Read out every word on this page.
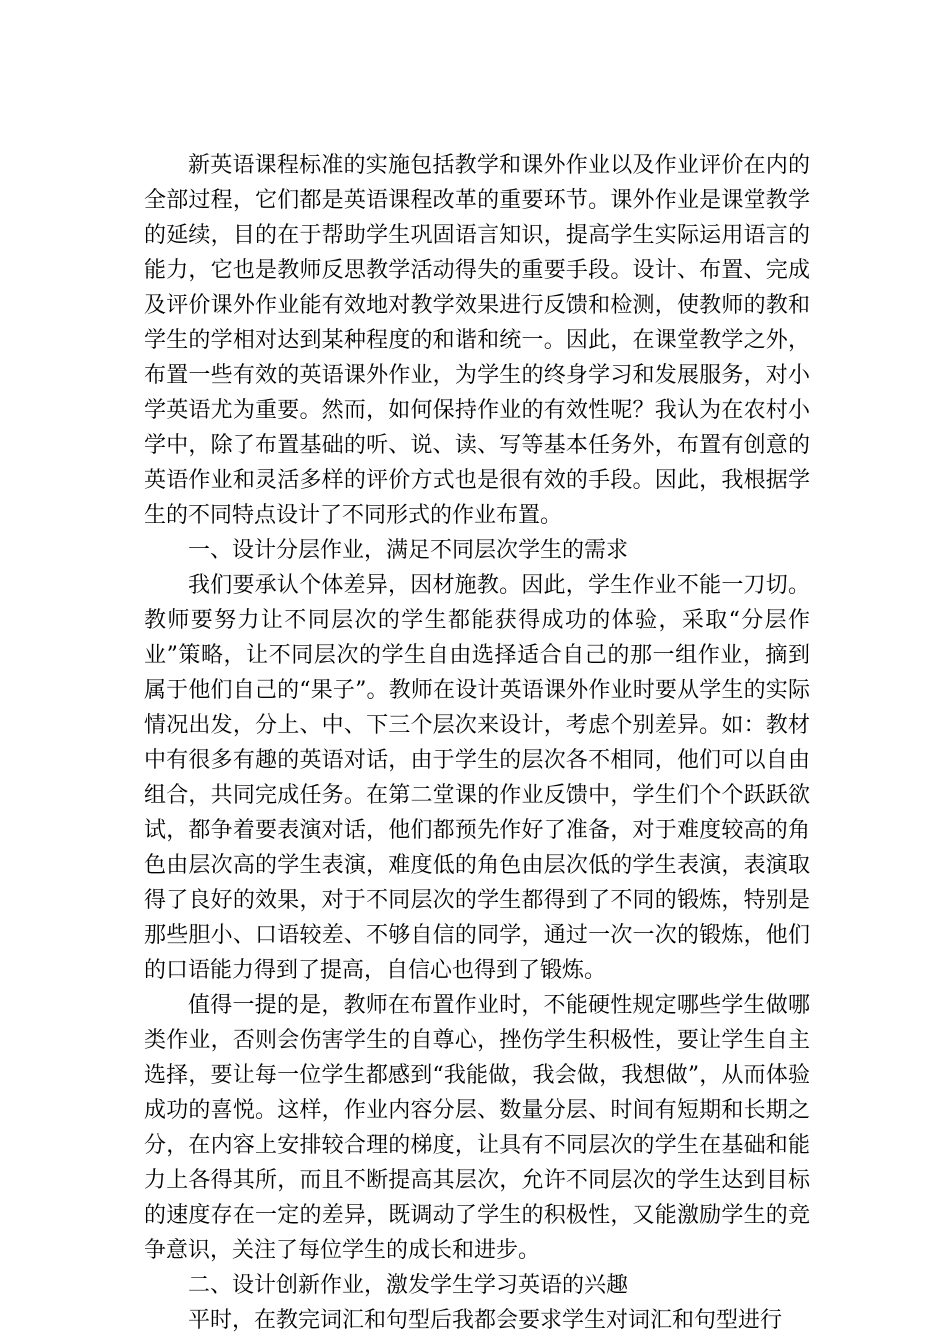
新英语课程标准的实施包括教学和课外作业以及作业评价在内的全部过程，它们都是英语课程改革的重要环节。课外作业是课堂教学的延续，目的在于帮助学生巩固语言知识，提高学生实际运用语言的能力，它也是教师反思教学活动得失的重要手段。设计、布置、完成及评价课外作业能有效地对教学效果进行反馈和检测，使教师的教和学生的学相对达到某种程度的和谐和统一。因此，在课堂教学之外，布置一些有效的英语课外作业，为学生的终身学习和发展服务，对小学英语尤为重要。然而，如何保持作业的有效性呢？我认为在农村小学中，除了布置基础的听、说、读、写等基本任务外，布置有创意的英语作业和灵活多样的评价方式也是很有效的手段。因此，我根据学生的不同特点设计了不同形式的作业布置。

一、设计分层作业，满足不同层次学生的需求

我们要承认个体差异，因材施教。因此，学生作业不能一刀切。教师要努力让不同层次的学生都能获得成功的体验，采取“分层作业”策略，让不同层次的学生自由选择适合自己的那一组作业，摘到属于他们自己的“果子”。教师在设计英语课外作业时要从学生的实际情况出发，分上、中、下三个层次来设计，考虑个别差异。如：教材中有很多有趣的英语对话，由于学生的层次各不相同，他们可以自由组合，共同完成任务。在第二堂课的作业反馈中，学生们个个跃跃欲试，都争着要表演对话，他们都预先作好了准备，对于难度较高的角色由层次高的学生表演，难度低的角色由层次低的学生表演，表演取得了良好的效果，对于不同层次的学生都得到了不同的锻炼，特别是那些胆小、口语较差、不够自信的同学，通过一次一次的锻炼，他们的口语能力得到了提高，自信心也得到了锻炼。

值得一提的是，教师在布置作业时，不能硬性规定哪些学生做哪类作业，否则会伤害学生的自尊心，挫伤学生积极性，要让学生自主选择，要让每一位学生都感到“我能做，我会做，我想做”，从而体验成功的喜悦。这样，作业内容分层、数量分层、时间有短期和长期之分，在内容上安排较合理的梯度，让具有不同层次的学生在基础和能力上各得其所，而且不断提高其层次，允许不同层次的学生达到目标的速度存在一定的差异，既调动了学生的积极性，又能激励学生的竞争意识，关注了每位学生的成长和进步。

二、设计创新作业，激发学生学习英语的兴趣

平时，在教完词汇和句型后我都会要求学生对词汇和句型进行
